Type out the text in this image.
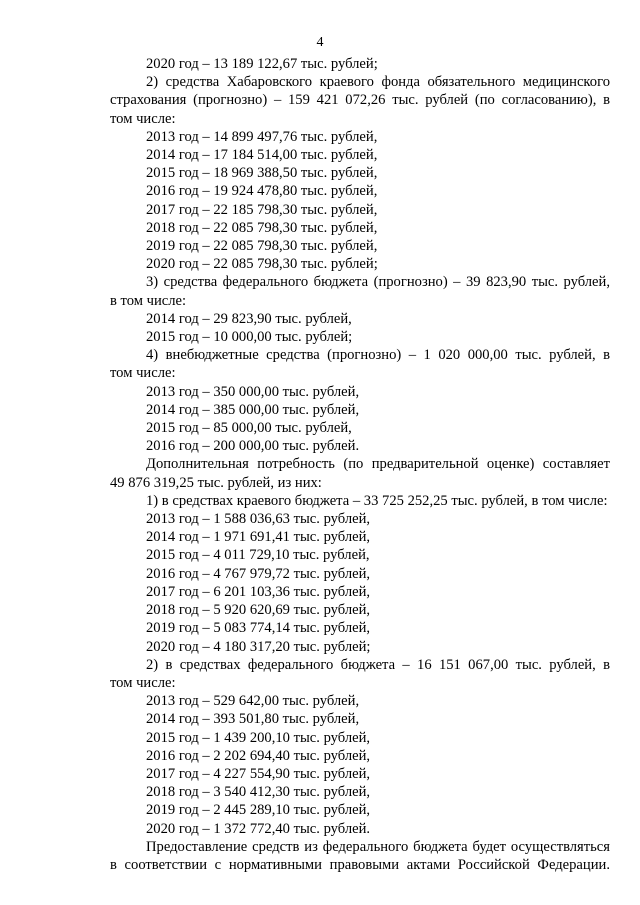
4
2020 год – 13 189 122,67 тыс. рублей;
2) средства Хабаровского краевого фонда обязательного медицинского
страхования (прогнозно) – 159 421 072,26 тыс. рублей (по согласованию), в
том числе:
2013 год – 14 899 497,76 тыс. рублей,
2014 год – 17 184 514,00 тыс. рублей,
2015 год – 18 969 388,50 тыс. рублей,
2016 год – 19 924 478,80 тыс. рублей,
2017 год – 22 185 798,30 тыс. рублей,
2018 год – 22 085 798,30 тыс. рублей,
2019 год – 22 085 798,30 тыс. рублей,
2020 год – 22 085 798,30 тыс. рублей;
3) средства федерального бюджета (прогнозно) – 39 823,90 тыс. рублей,
в том числе:
2014 год – 29 823,90 тыс. рублей,
2015 год – 10 000,00 тыс. рублей;
4) внебюджетные средства (прогнозно) – 1 020 000,00 тыс. рублей, в
том числе:
2013 год – 350 000,00 тыс. рублей,
2014 год – 385 000,00 тыс. рублей,
2015 год – 85 000,00 тыс. рублей,
2016 год – 200 000,00 тыс. рублей.
Дополнительная потребность (по предварительной оценке) составляет
49 876 319,25 тыс. рублей, из них:
1) в средствах краевого бюджета – 33 725 252,25 тыс. рублей, в том числе:
2013 год – 1 588 036,63 тыс. рублей,
2014 год – 1 971 691,41 тыс. рублей,
2015 год – 4 011 729,10 тыс. рублей,
2016 год – 4 767 979,72 тыс. рублей,
2017 год – 6 201 103,36 тыс. рублей,
2018 год – 5 920 620,69 тыс. рублей,
2019 год – 5 083 774,14 тыс. рублей,
2020 год – 4 180 317,20 тыс. рублей;
2) в средствах федерального бюджета – 16 151 067,00 тыс. рублей, в
том числе:
2013 год – 529 642,00 тыс. рублей,
2014 год – 393 501,80 тыс. рублей,
2015 год – 1 439 200,10 тыс. рублей,
2016 год – 2 202 694,40 тыс. рублей,
2017 год – 4 227 554,90 тыс. рублей,
2018 год – 3 540 412,30 тыс. рублей,
2019 год – 2 445 289,10 тыс. рублей,
2020 год – 1 372 772,40 тыс. рублей.
Предоставление средств из федерального бюджета будет осуществляться
в соответствии с нормативными правовыми актами Российской Федерации.
